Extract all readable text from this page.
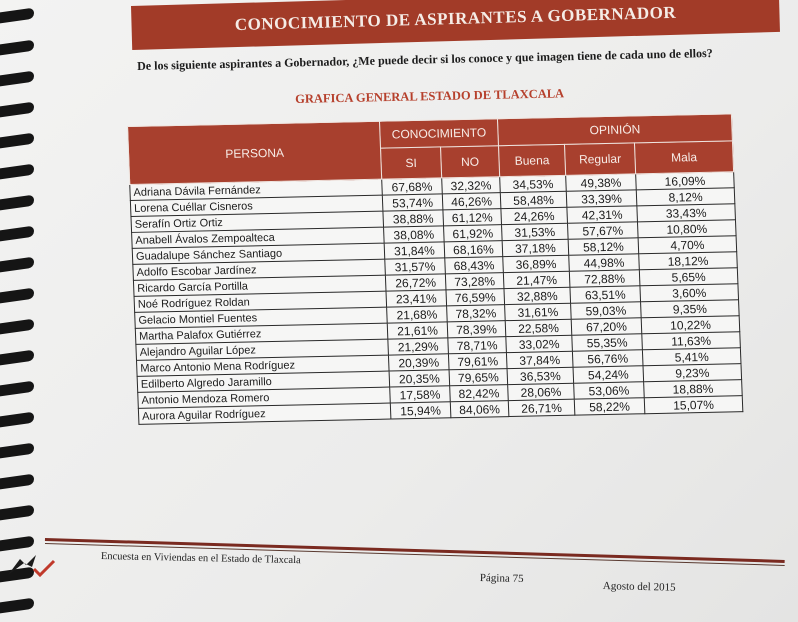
CONOCIMIENTO DE ASPIRANTES A GOBERNADOR
De los siguiente aspirantes a Gobernador, ¿Me puede decir si los conoce y que imagen tiene de cada uno de ellos?
GRAFICA GENERAL ESTADO DE TLAXCALA
PERSONA	CONOCIMIENTO		OPINIÓN		
	SI	NO	Buena	Regular	Mala
Adriana Dávila Fernández	67,68%	32,32%	34,53%	49,38%	16,09%
Lorena Cuéllar Cisneros	53,74%	46,26%	58,48%	33,39%	8,12%
Serafín Ortiz Ortiz	38,88%	61,12%	24,26%	42,31%	33,43%
Anabell Ávalos Zempoalteca	38,08%	61,92%	31,53%	57,67%	10,80%
Guadalupe Sánchez Santiago	31,84%	68,16%	37,18%	58,12%	4,70%
Adolfo Escobar Jardínez	31,57%	68,43%	36,89%	44,98%	18,12%
Ricardo García Portilla	26,72%	73,28%	21,47%	72,88%	5,65%
Noé Rodríguez Roldan	23,41%	76,59%	32,88%	63,51%	3,60%
Gelacio Montiel Fuentes	21,68%	78,32%	31,61%	59,03%	9,35%
Martha Palafox Gutiérrez	21,61%	78,39%	22,58%	67,20%	10,22%
Alejandro Aguilar López	21,29%	78,71%	33,02%	55,35%	11,63%
Marco Antonio Mena Rodríguez	20,39%	79,61%	37,84%	56,76%	5,41%
Edilberto Algredo Jaramillo	20,35%	79,65%	36,53%	54,24%	9,23%
Antonio Mendoza Romero	17,58%	82,42%	28,06%	53,06%	18,88%
Aurora Aguilar Rodríguez	15,94%	84,06%	26,71%	58,22%	15,07%
Encuesta en Viviendas en el Estado de Tlaxcala
Página 75
Agosto del 2015
